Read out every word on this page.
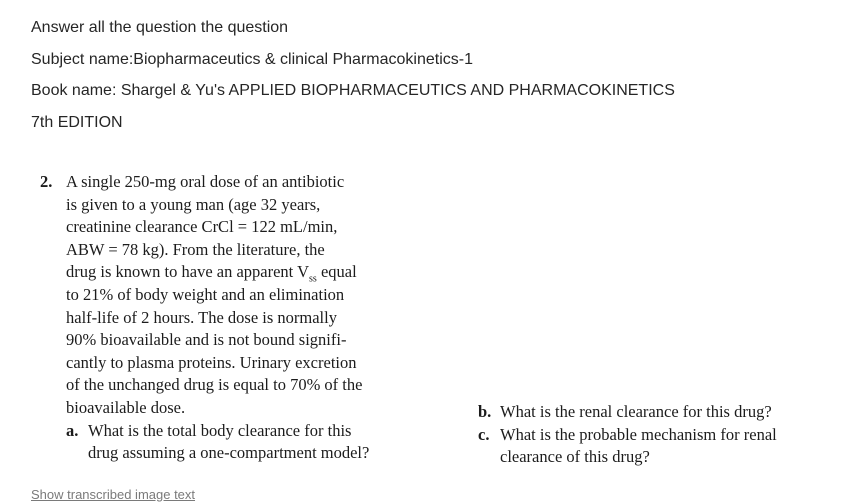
Answer all the question the question
Subject name:Biopharmaceutics & clinical Pharmacokinetics-1
Book name: Shargel & Yu's APPLIED BIOPHARMACEUTICS AND PHARMACOKINETICS
7th EDITION
2. A single 250-mg oral dose of an antibiotic
is given to a young man (age 32 years,
creatinine clearance CrCl = 122 mL/min,
ABW = 78 kg). From the literature, the
drug is known to have an apparent $V_{ss}$ equal
to 21% of body weight and an elimination
half-life of 2 hours. The dose is normally
90% bioavailable and is not bound signifi-
cantly to plasma proteins. Urinary excretion
of the unchanged drug is equal to 70% of the
bioavailable dose.
a. What is the total body clearance for this
drug assuming a one-compartment model?
b. What is the renal clearance for this drug?
c. What is the probable mechanism for renal
clearance of this drug?
Show transcribed image text
